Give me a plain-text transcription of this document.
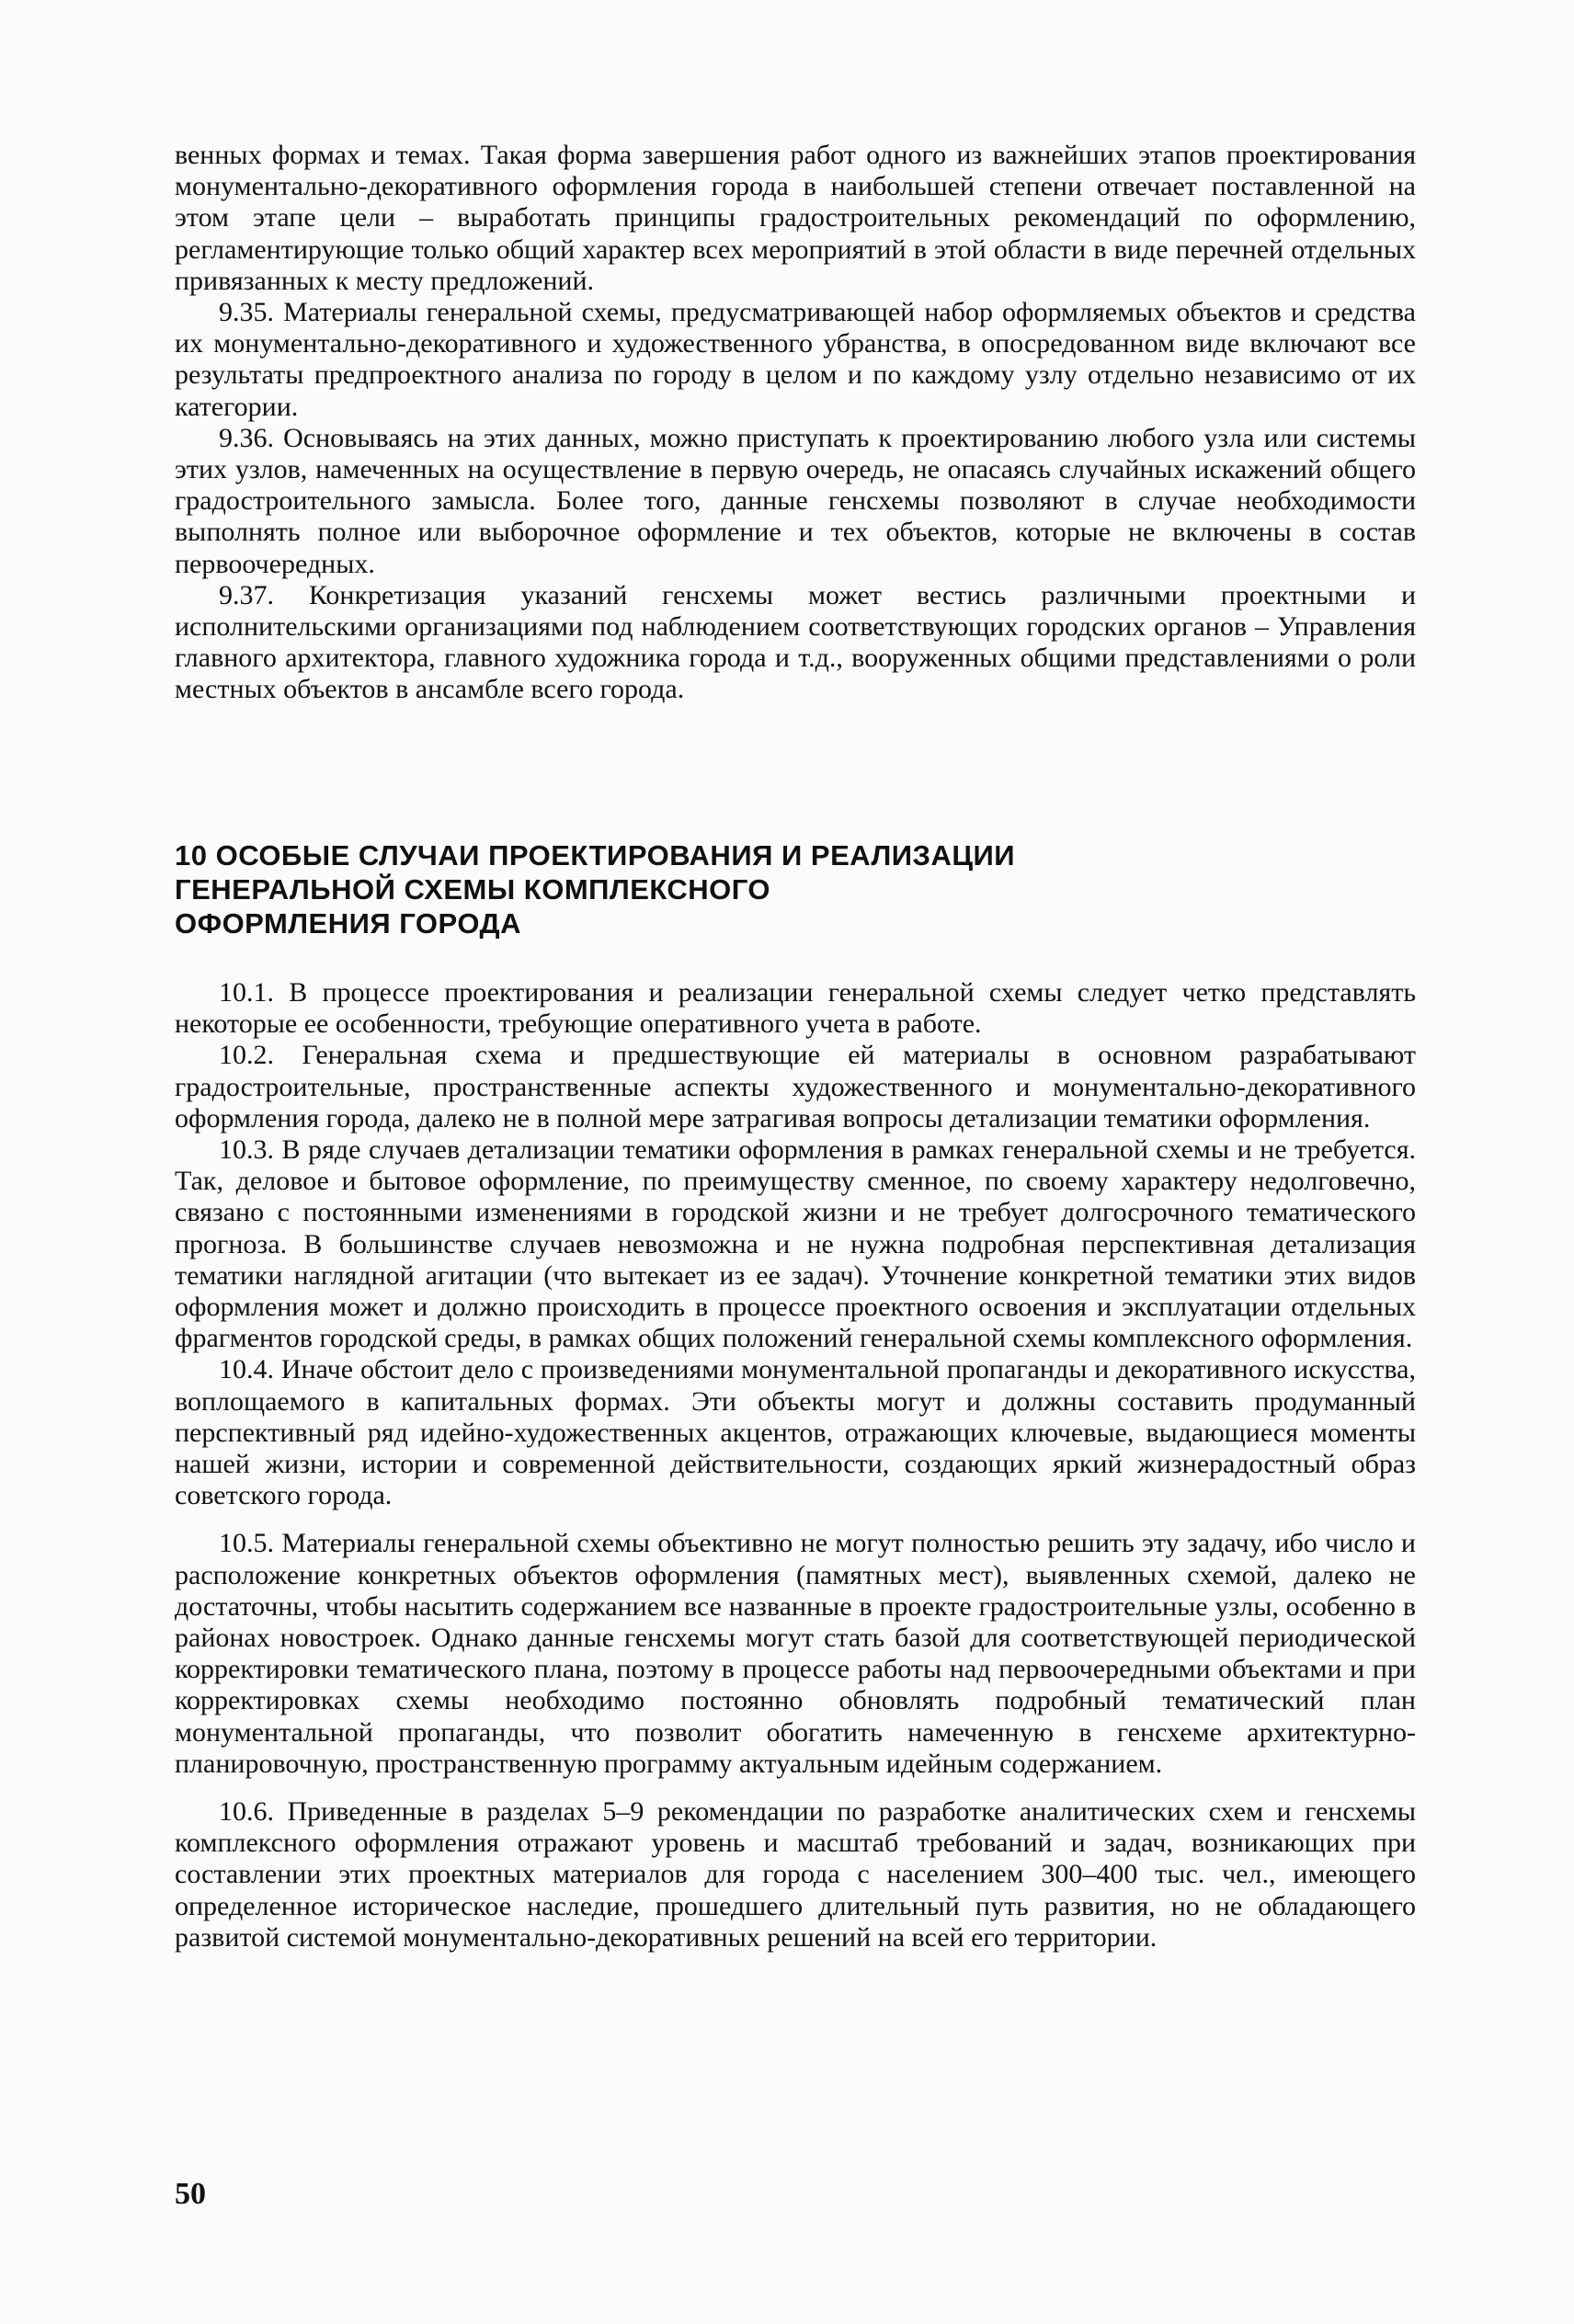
венных формах и темах. Такая форма завершения работ одного из важнейших этапов проектирования монументально-декоративного оформления города в наибольшей степени отвечает поставленной на этом этапе цели – выработать принципы градостроительных рекомендаций по оформлению, регламентирующие только общий характер всех мероприятий в этой области в виде перечней отдельных привязанных к месту предложений.

9.35. Материалы генеральной схемы, предусматривающей набор оформляемых объектов и средства их монументально-декоративного и художественного убранства, в опосредованном виде включают все результаты предпроектного анализа по городу в целом и по каждому узлу отдельно независимо от их категории.

9.36. Основываясь на этих данных, можно приступать к проектированию любого узла или системы этих узлов, намеченных на осуществление в первую очередь, не опасаясь случайных искажений общего градостроительного замысла. Более того, данные генсхемы позволяют в случае необходимости выполнять полное или выборочное оформление и тех объектов, которые не включены в состав первоочередных.

9.37. Конкретизация указаний генсхемы может вестись различными проектными и исполнительскими организациями под наблюдением соответствующих городских органов – Управления главного архитектора, главного художника города и т.д., вооруженных общими представлениями о роли местных объектов в ансамбле всего города.

10 ОСОБЫЕ СЛУЧАИ ПРОЕКТИРОВАНИЯ И РЕАЛИЗАЦИИ
ГЕНЕРАЛЬНОЙ СХЕМЫ КОМПЛЕКСНОГО
ОФОРМЛЕНИЯ ГОРОДА

10.1. В процессе проектирования и реализации генеральной схемы следует четко представлять некоторые ее особенности, требующие оперативного учета в работе.

10.2. Генеральная схема и предшествующие ей материалы в основном разрабатывают градостроительные, пространственные аспекты художественного и монументально-декоративного оформления города, далеко не в полной мере затрагивая вопросы детализации тематики оформления.

10.3. В ряде случаев детализации тематики оформления в рамках генеральной схемы и не требуется. Так, деловое и бытовое оформление, по преимуществу сменное, по своему характеру недолговечно, связано с постоянными изменениями в городской жизни и не требует долгосрочного тематического прогноза. В большинстве случаев невозможна и не нужна подробная перспективная детализация тематики наглядной агитации (что вытекает из ее задач). Уточнение конкретной тематики этих видов оформления может и должно происходить в процессе проектного освоения и эксплуатации отдельных фрагментов городской среды, в рамках общих положений генеральной схемы комплексного оформления.

10.4. Иначе обстоит дело с произведениями монументальной пропаганды и декоративного искусства, воплощаемого в капитальных формах. Эти объекты могут и должны составить продуманный перспективный ряд идейно-художественных акцентов, отражающих ключевые, выдающиеся моменты нашей жизни, истории и современной действительности, создающих яркий жизнерадостный образ советского города.

10.5. Материалы генеральной схемы объективно не могут полностью решить эту задачу, ибо число и расположение конкретных объектов оформления (памятных мест), выявленных схемой, далеко не достаточны, чтобы насытить содержанием все названные в проекте градостроительные узлы, особенно в районах новостроек. Однако данные генсхемы могут стать базой для соответствующей периодической корректировки тематического плана, поэтому в процессе работы над первоочередными объектами и при корректировках схемы необходимо постоянно обновлять подробный тематический план монументальной пропаганды, что позволит обогатить намеченную в генсхеме архитектурно-планировочную, пространственную программу актуальным идейным содержанием.

10.6. Приведенные в разделах 5–9 рекомендации по разработке аналитических схем и генсхемы комплексного оформления отражают уровень и масштаб требований и задач, возникающих при составлении этих проектных материалов для города с населением 300–400 тыс. чел., имеющего определенное историческое наследие, прошедшего длительный путь развития, но не обладающего развитой системой монументально-декоративных решений на всей его территории.

50
